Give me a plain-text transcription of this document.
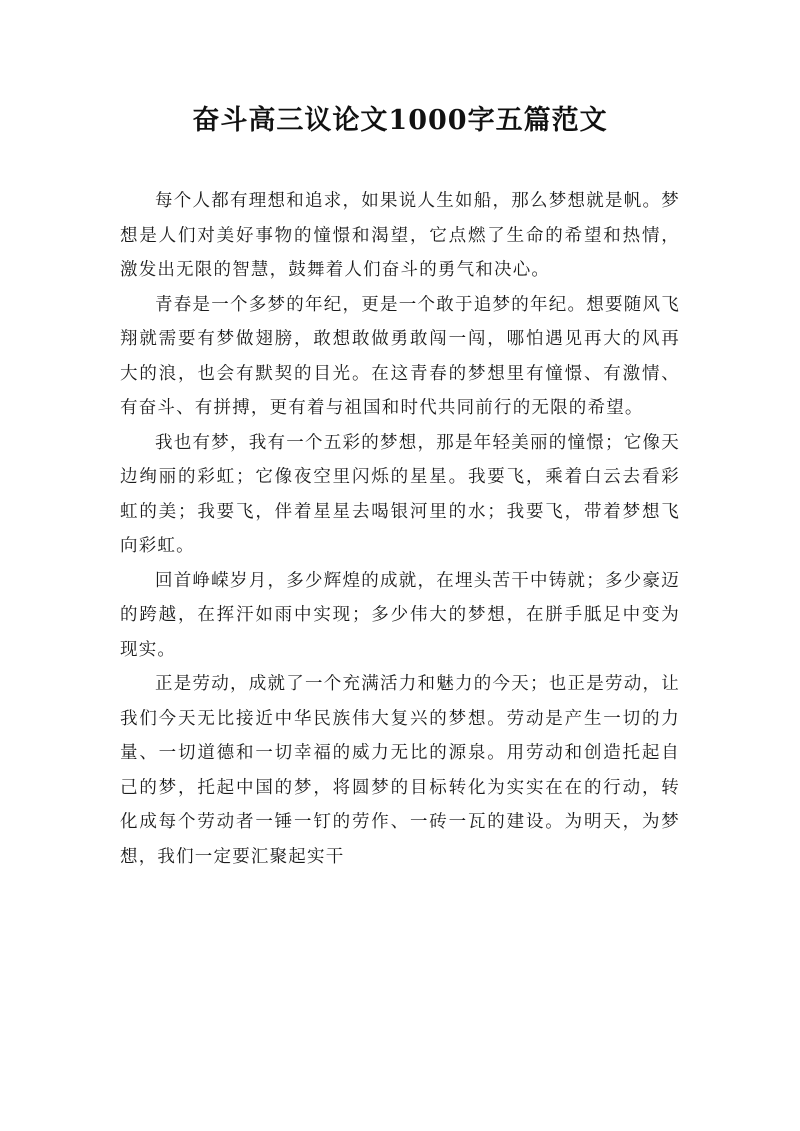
奋斗高三议论文1000字五篇范文

每个人都有理想和追求，如果说人生如船，那么梦想就是帆。梦想是人们对美好事物的憧憬和渴望，它点燃了生命的希望和热情，激发出无限的智慧，鼓舞着人们奋斗的勇气和决心。

青春是一个多梦的年纪，更是一个敢于追梦的年纪。想要随风飞翔就需要有梦做翅膀，敢想敢做勇敢闯一闯，哪怕遇见再大的风再大的浪，也会有默契的目光。在这青春的梦想里有憧憬、有激情、有奋斗、有拼搏，更有着与祖国和时代共同前行的无限的希望。

我也有梦，我有一个五彩的梦想，那是年轻美丽的憧憬；它像天边绚丽的彩虹；它像夜空里闪烁的星星。我要飞，乘着白云去看彩虹的美；我要飞，伴着星星去喝银河里的水；我要飞，带着梦想飞向彩虹。

回首峥嵘岁月，多少辉煌的成就，在埋头苦干中铸就；多少豪迈的跨越，在挥汗如雨中实现；多少伟大的梦想，在胼手胝足中变为现实。

正是劳动，成就了一个充满活力和魅力的今天；也正是劳动，让我们今天无比接近中华民族伟大复兴的梦想。劳动是产生一切的力量、一切道德和一切幸福的威力无比的源泉。用劳动和创造托起自己的梦，托起中国的梦，将圆梦的目标转化为实实在在的行动，转化成每个劳动者一锤一钉的劳作、一砖一瓦的建设。为明天，为梦想，我们一定要汇聚起实干
